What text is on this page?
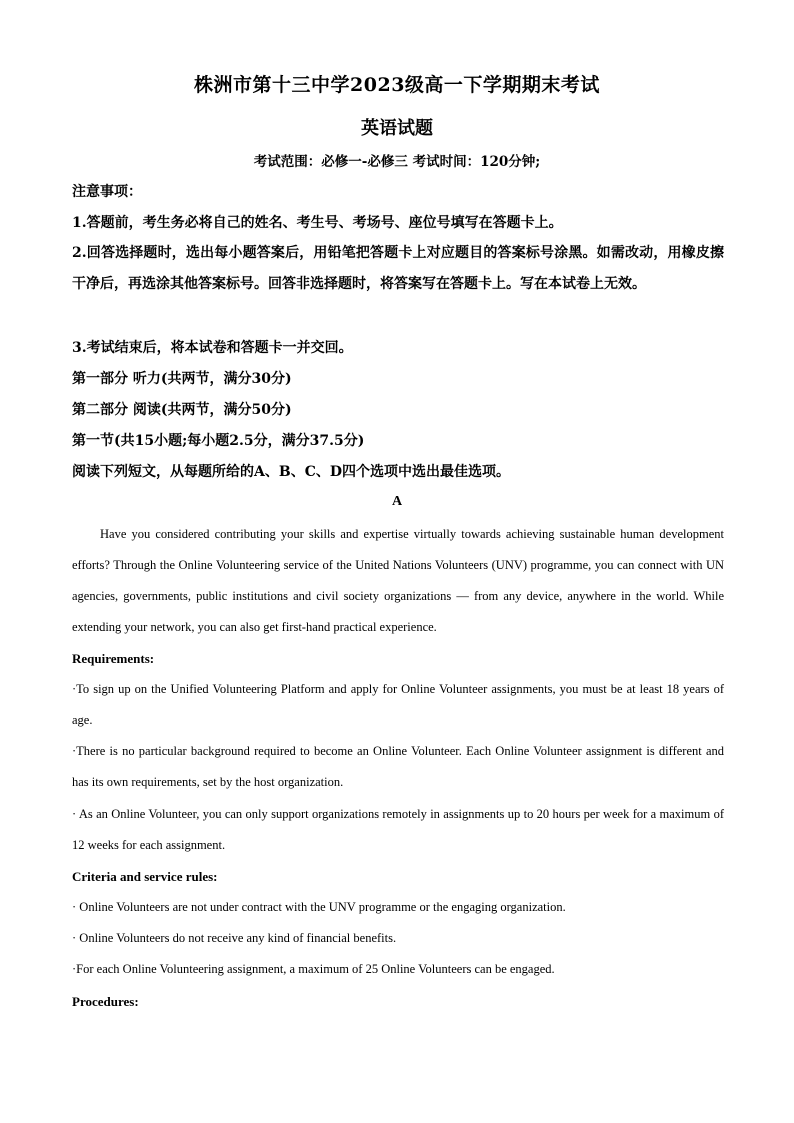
株洲市第十三中学2023级高一下学期期末考试
英语试题
考试范围：必修一-必修三 考试时间：120分钟;
注意事项：
1.答题前，考生务必将自己的姓名、考生号、考场号、座位号填写在答题卡上。
2.回答选择题时，选出每小题答案后，用铅笔把答题卡上对应题目的答案标号涂黑。如需改动，用橡皮擦干净后，再选涂其他答案标号。回答非选择题时，将答案写在答题卡上。写在本试卷上无效。
3.考试结束后，将本试卷和答题卡一并交回。
第一部分 听力(共两节，满分30分)
第二部分 阅读(共两节，满分50分)
第一节(共15小题;每小题2.5分，满分37.5分)
阅读下列短文，从每题所给的A、B、C、D四个选项中选出最佳选项。
A
Have you considered contributing your skills and expertise virtually towards achieving sustainable human development efforts? Through the Online Volunteering service of the United Nations Volunteers (UNV) programme, you can connect with UN agencies, governments, public institutions and civil society organizations — from any device, anywhere in the world. While extending your network, you can also get first-hand practical experience.
Requirements:
·To sign up on the Unified Volunteering Platform and apply for Online Volunteer assignments, you must be at least 18 years of age.
·There is no particular background required to become an Online Volunteer. Each Online Volunteer assignment is different and has its own requirements, set by the host organization.
· As an Online Volunteer, you can only support organizations remotely in assignments up to 20 hours per week for a maximum of 12 weeks for each assignment.
Criteria and service rules:
· Online Volunteers are not under contract with the UNV programme or the engaging organization.
· Online Volunteers do not receive any kind of financial benefits.
·For each Online Volunteering assignment, a maximum of 25 Online Volunteers can be engaged.
Procedures:
